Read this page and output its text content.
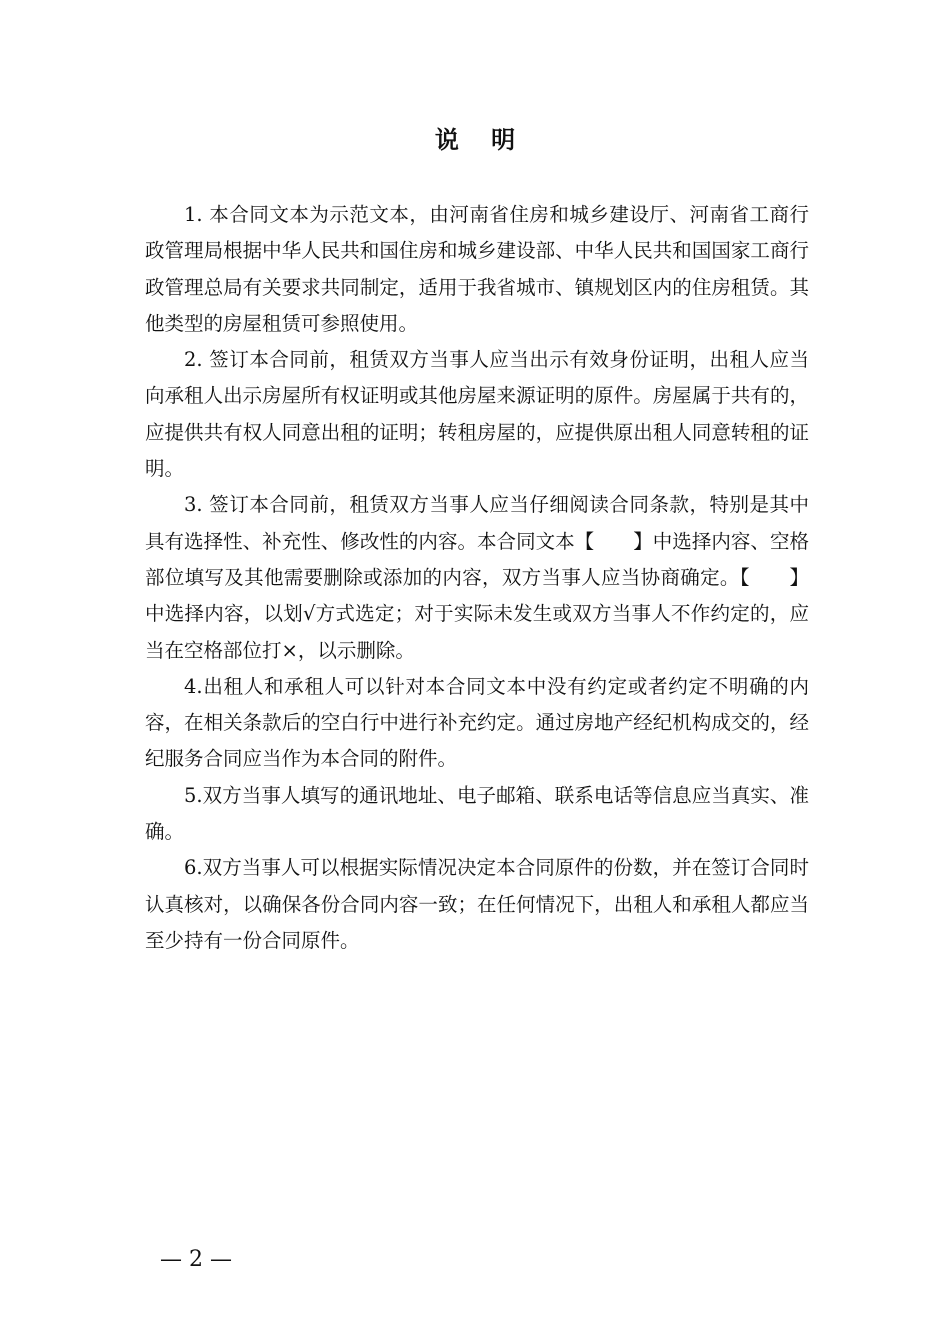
说 明

1. 本合同文本为示范文本，由河南省住房和城乡建设厅、河南省工商行政管理局根据中华人民共和国住房和城乡建设部、中华人民共和国国家工商行政管理总局有关要求共同制定，适用于我省城市、镇规划区内的住房租赁。其他类型的房屋租赁可参照使用。

2. 签订本合同前，租赁双方当事人应当出示有效身份证明，出租人应当向承租人出示房屋所有权证明或其他房屋来源证明的原件。房屋属于共有的，应提供共有权人同意出租的证明；转租房屋的，应提供原出租人同意转租的证明。

3. 签订本合同前，租赁双方当事人应当仔细阅读合同条款，特别是其中具有选择性、补充性、修改性的内容。本合同文本【　　】中选择内容、空格部位填写及其他需要删除或添加的内容，双方当事人应当协商确定。【　　】中选择内容，以划√方式选定；对于实际未发生或双方当事人不作约定的，应当在空格部位打×，以示删除。

4.出租人和承租人可以针对本合同文本中没有约定或者约定不明确的内容，在相关条款后的空白行中进行补充约定。通过房地产经纪机构成交的，经纪服务合同应当作为本合同的附件。

5.双方当事人填写的通讯地址、电子邮箱、联系电话等信息应当真实、准确。

6.双方当事人可以根据实际情况决定本合同原件的份数，并在签订合同时认真核对，以确保各份合同内容一致；在任何情况下，出租人和承租人都应当至少持有一份合同原件。

— 2 —
